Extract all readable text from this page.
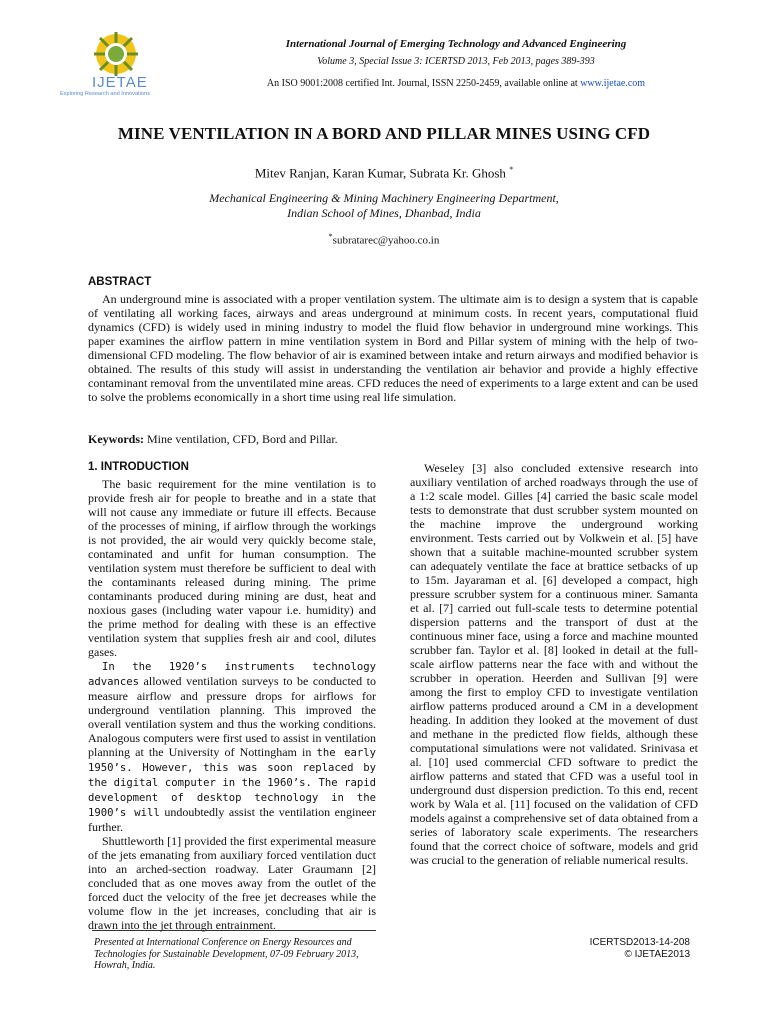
IJETAE
Exploring Research and Innovations
International Journal of Emerging Technology and Advanced Engineering
Volume 3, Special Issue 3: ICERTSD 2013, Feb 2013, pages 389-393
An ISO 9001:2008 certified Int. Journal, ISSN 2250-2459, available online at www.ijetae.com
MINE VENTILATION IN A BORD AND PILLAR MINES USING CFD
Mitev Ranjan, Karan Kumar, Subrata Kr. Ghosh *
Mechanical Engineering & Mining Machinery Engineering Department,
Indian School of Mines, Dhanbad, India
*subratarec@yahoo.co.in
ABSTRACT

An underground mine is associated with a proper ventilation system. The ultimate aim is to design a system that is capable of ventilating all working faces, airways and areas underground at minimum costs. In recent years, computational fluid dynamics (CFD) is widely used in mining industry to model the fluid flow behavior in underground mine workings. This paper examines the airflow pattern in mine ventilation system in Bord and Pillar system of mining with the help of two-dimensional CFD modeling. The flow behavior of air is examined between intake and return airways and modified behavior is obtained. The results of this study will assist in understanding the ventilation air behavior and provide a highly effective contaminant removal from the unventilated mine areas. CFD reduces the need of experiments to a large extent and can be used to solve the problems economically in a short time using real life simulation.

Keywords: Mine ventilation, CFD, Bord and Pillar.
1. INTRODUCTION

The basic requirement for the mine ventilation is to provide fresh air for people to breathe and in a state that will not cause any immediate or future ill effects. Because of the processes of mining, if airflow through the workings is not provided, the air would very quickly become stale, contaminated and unfit for human consumption. The ventilation system must therefore be sufficient to deal with the contaminants released during mining. The prime contaminants produced during mining are dust, heat and noxious gases (including water vapour i.e. humidity) and the prime method for dealing with these is an effective ventilation system that supplies fresh air and cool, dilutes gases.

In the 1920’s instruments technology advances allowed ventilation surveys to be conducted to measure airflow and pressure drops for airflows for underground ventilation planning. This improved the overall ventilation system and thus the working conditions. Analogous computers were first used to assist in ventilation planning at the University of Nottingham in the early 1950’s. However, this was soon replaced by the digital computer in the 1960’s. The rapid development of desktop technology in the 1900’s will undoubtedly assist the ventilation engineer further.

Shuttleworth [1] provided the first experimental measure of the jets emanating from auxiliary forced ventilation duct into an arched-section roadway. Later Graumann [2] concluded that as one moves away from the outlet of the forced duct the velocity of the free jet decreases while the volume flow in the jet increases, concluding that air is drawn into the jet through entrainment.

Weseley [3] also concluded extensive research into auxiliary ventilation of arched roadways through the use of a 1:2 scale model. Gilles [4] carried the basic scale model tests to demonstrate that dust scrubber system mounted on the machine improve the underground working environment. Tests carried out by Volkwein et al. [5] have shown that a suitable machine-mounted scrubber system can adequately ventilate the face at brattice setbacks of up to 15m. Jayaraman et al. [6] developed a compact, high pressure scrubber system for a continuous miner. Samanta et al. [7] carried out full-scale tests to determine potential dispersion patterns and the transport of dust at the continuous miner face, using a force and machine mounted scrubber fan. Taylor et al. [8] looked in detail at the full-scale airflow patterns near the face with and without the scrubber in operation. Heerden and Sullivan [9] were among the first to employ CFD to investigate ventilation airflow patterns produced around a CM in a development heading. In addition they looked at the movement of dust and methane in the predicted flow fields, although these computational simulations were not validated. Srinivasa et al. [10] used commercial CFD software to predict the airflow patterns and stated that CFD was a useful tool in underground dust dispersion prediction. To this end, recent work by Wala et al. [11] focused on the validation of CFD models against a comprehensive set of data obtained from a series of laboratory scale experiments. The researchers found that the correct choice of software, models and grid was crucial to the generation of reliable numerical results.

Presented at International Conference on Energy Resources and
Technologies for Sustainable Development, 07-09 February 2013,
Howrah, India.
ICERTSD2013-14-208
© IJETAE2013
